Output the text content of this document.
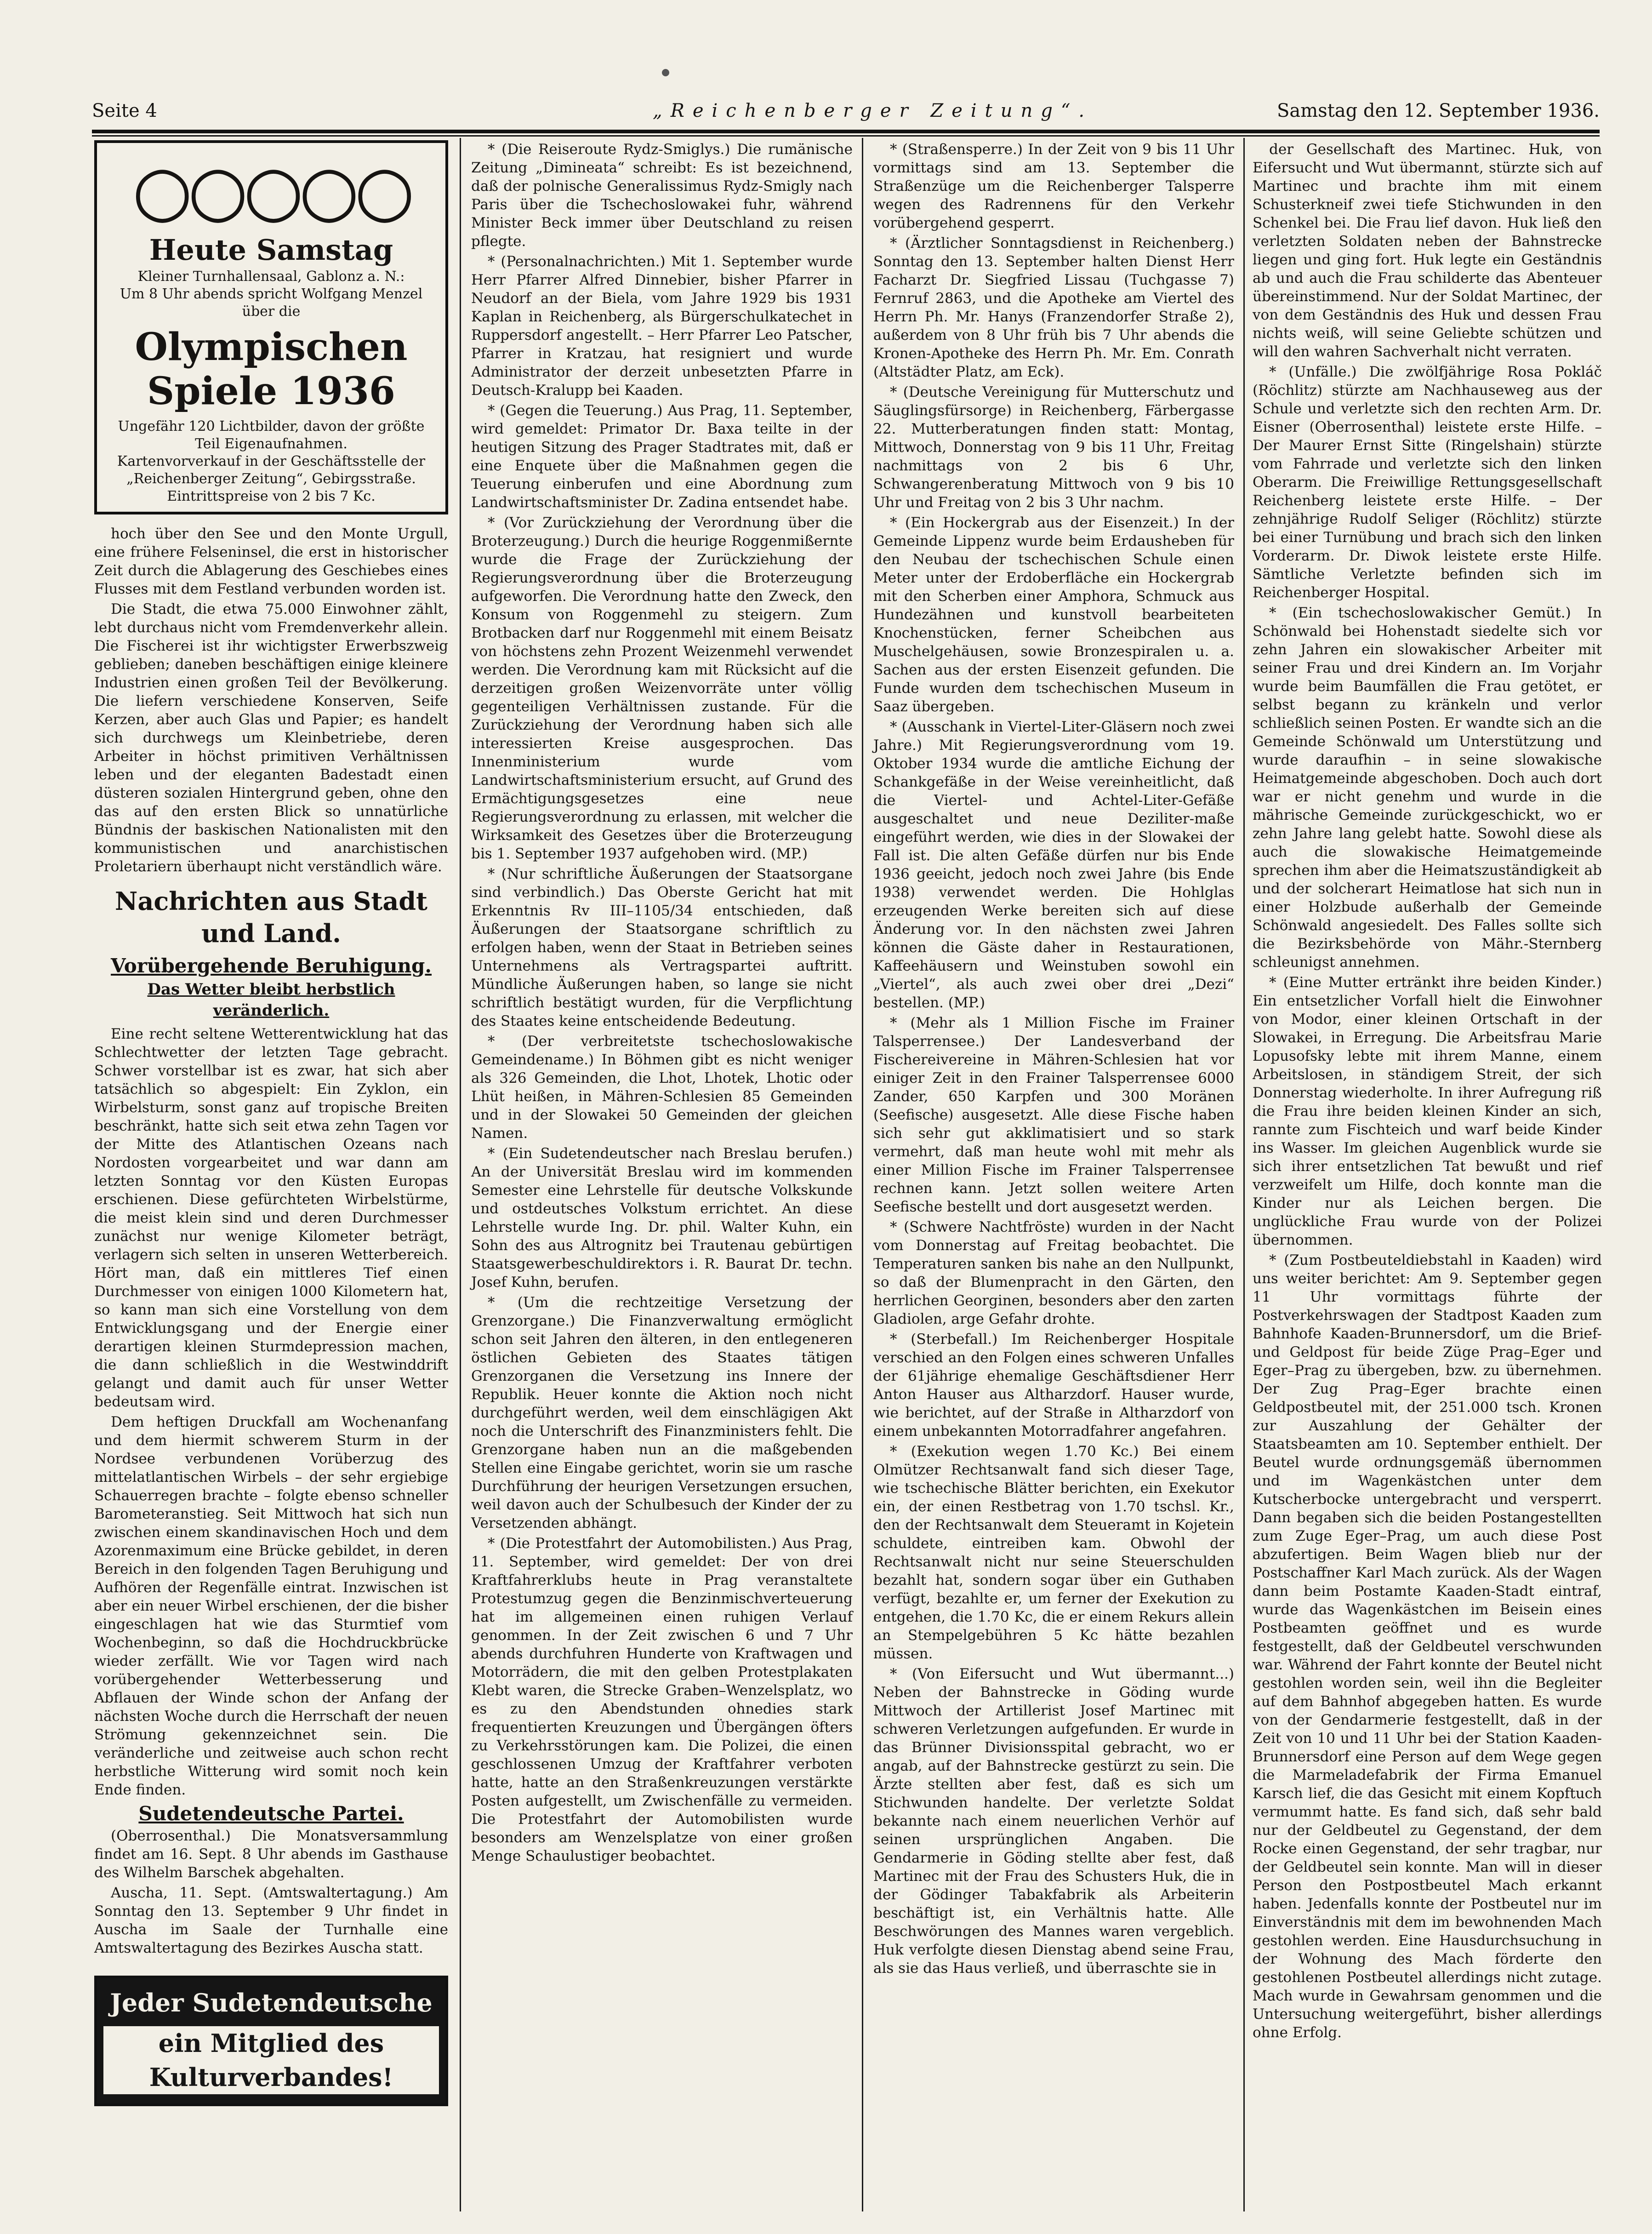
Seite 4	„Reichenberger Zeitung“.	Samstag den 12. September 1936.
○○○○○
Heute Samstag
Kleiner Turnhallensaal, Gablonz a. N.:
Um 8 Uhr abends spricht Wolfgang Menzel über die
Olympischen Spiele 1936
Ungefähr 120 Lichtbilder, davon der größte Teil Eigenaufnahmen.
Kartenvorverkauf in der Geschäftsstelle der „Reichenberger Zeitung“, Gebirgsstraße. Eintrittspreise von 2 bis 7 Kc.

hoch über den See und den Monte Urgull, eine frühere Felseninsel, die erst in historischer Zeit durch die Ablagerung des Geschiebes eines Flusses mit dem Festland verbunden worden ist.

Die Stadt, die etwa 75.000 Einwohner zählt, lebt durchaus nicht vom Fremdenverkehr allein. Die Fischerei ist ihr wichtigster Erwerbszweig geblieben; daneben beschäftigen einige kleinere Industrien einen großen Teil der Bevölkerung. Die liefern verschiedene Konserven, Seife Kerzen, aber auch Glas und Papier; es handelt sich durchwegs um Kleinbetriebe, deren Arbeiter in höchst primitiven Verhältnissen leben und der eleganten Badestadt einen düsteren sozialen Hintergrund geben, ohne den das auf den ersten Blick so unnatürliche Bündnis der baskischen Nationalisten mit den kommunistischen und anarchistischen Proletariern überhaupt nicht verständlich wäre.

Nachrichten aus Stadt und Land.
Vorübergehende Beruhigung.
Das Wetter bleibt herbstlich veränderlich.

Eine recht seltene Wetterentwicklung hat das Schlechtwetter der letzten Tage gebracht. Schwer vorstellbar ist es zwar, hat sich aber tatsächlich so abgespielt: Ein Zyklon, ein Wirbelsturm, sonst ganz auf tropische Breiten beschränkt, hatte sich seit etwa zehn Tagen vor der Mitte des Atlantischen Ozeans nach Nordosten vorgearbeitet und war dann am letzten Sonntag vor den Küsten Europas erschienen. Diese gefürchteten Wirbelstürme, die meist klein sind und deren Durchmesser zunächst nur wenige Kilometer beträgt, verlagern sich selten in unseren Wetterbereich. Hört man, daß ein mittleres Tief einen Durchmesser von einigen 1000 Kilometern hat, so kann man sich eine Vorstellung von dem Entwicklungsgang und der Energie einer derartigen kleinen Sturmdepression machen, die dann schließlich in die Westwinddrift gelangt und damit auch für unser Wetter bedeutsam wird.

Dem heftigen Druckfall am Wochenanfang und dem hiermit schwerem Sturm in der Nordsee verbundenen Vorüberzug des mittelatlantischen Wirbels – der sehr ergiebige Schauerregen brachte – folgte ebenso schneller Barometeranstieg. Seit Mittwoch hat sich nun zwischen einem skandinavischen Hoch und dem Azorenmaximum eine Brücke gebildet, in deren Bereich in den folgenden Tagen Beruhigung und Aufhören der Regenfälle eintrat. Inzwischen ist aber ein neuer Wirbel erschienen, der die bisher eingeschlagen hat wie das Sturmtief vom Wochenbeginn, so daß die Hochdruckbrücke wieder zerfällt. Wie vor Tagen wird nach vorübergehender Wetterbesserung und Abflauen der Winde schon der Anfang der nächsten Woche durch die Herrschaft der neuen Strömung gekennzeichnet sein. Die veränderliche und zeitweise auch schon recht herbstliche Witterung wird somit noch kein Ende finden.

Sudetendeutsche Partei.

(Oberrosenthal.) Die Monatsversammlung findet am 16. Sept. 8 Uhr abends im Gasthause des Wilhelm Barschek abgehalten.

Auscha, 11. Sept. (Amtswaltertagung.) Am Sonntag den 13. September 9 Uhr findet in Auscha im Saale der Turnhalle eine Amtswaltertagung des Bezirkes Auscha statt.

Jeder Sudetendeutsche
ein Mitglied des Kulturverbandes!

* (Die Reiseroute Rydz-Smiglys.) Die rumänische Zeitung „Dimineata“ schreibt: Es ist bezeichnend, daß der polnische Generalissimus Rydz-Smigly nach Paris über die Tschechoslowakei fuhr, während Minister Beck immer über Deutschland zu reisen pflegte.

* (Personalnachrichten.) Mit 1. September wurde Herr Pfarrer Alfred Dinnebier, bisher Pfarrer in Neudorf an der Biela, vom Jahre 1929 bis 1931 Kaplan in Reichenberg, als Bürgerschulkatechet in Ruppersdorf angestellt. – Herr Pfarrer Leo Patscher, Pfarrer in Kratzau, hat resigniert und wurde Administrator der derzeit unbesetzten Pfarre in Deutsch-Kralupp bei Kaaden.

* (Gegen die Teuerung.) Aus Prag, 11. September, wird gemeldet: Primator Dr. Baxa teilte in der heutigen Sitzung des Prager Stadtrates mit, daß er eine Enquete über die Maßnahmen gegen die Teuerung einberufen und eine Abordnung zum Landwirtschaftsminister Dr. Zadina entsendet habe.

* (Vor Zurückziehung der Verordnung über die Broterzeugung.) Durch die heurige Roggenmißernte wurde die Frage der Zurückziehung der Regierungsverordnung über die Broterzeugung aufgeworfen. Die Verordnung hatte den Zweck, den Konsum von Roggenmehl zu steigern. Zum Brotbacken darf nur Roggenmehl mit einem Beisatz von höchstens zehn Prozent Weizenmehl verwendet werden. Die Verordnung kam mit Rücksicht auf die derzeitigen großen Weizenvorräte unter völlig gegenteiligen Verhältnissen zustande. Für die Zurückziehung der Verordnung haben sich alle interessierten Kreise ausgesprochen. Das Innenministerium wurde vom Landwirtschaftsministerium ersucht, auf Grund des Ermächtigungsgesetzes eine neue Regierungsverordnung zu erlassen, mit welcher die Wirksamkeit des Gesetzes über die Broterzeugung bis 1. September 1937 aufgehoben wird. (MP.)

* (Nur schriftliche Äußerungen der Staatsorgane sind verbindlich.) Das Oberste Gericht hat mit Erkenntnis Rv III–1105/34 entschieden, daß Äußerungen der Staatsorgane schriftlich zu erfolgen haben, wenn der Staat in Betrieben seines Unternehmens als Vertragspartei auftritt. Mündliche Äußerungen haben, so lange sie nicht schriftlich bestätigt wurden, für die Verpflichtung des Staates keine entscheidende Bedeutung.

* (Der verbreitetste tschechoslowakische Gemeindename.) In Böhmen gibt es nicht weniger als 326 Gemeinden, die Lhot, Lhotek, Lhotic oder Lhüt heißen, in Mähren-Schlesien 85 Gemeinden und in der Slowakei 50 Gemeinden der gleichen Namen.

* (Ein Sudetendeutscher nach Breslau berufen.) An der Universität Breslau wird im kommenden Semester eine Lehrstelle für deutsche Volkskunde und ostdeutsches Volkstum errichtet. An diese Lehrstelle wurde Ing. Dr. phil. Walter Kuhn, ein Sohn des aus Altrognitz bei Trautenau gebürtigen Staatsgewerbeschuldirektors i. R. Baurat Dr. techn. Josef Kuhn, berufen.

* (Um die rechtzeitige Versetzung der Grenzorgane.) Die Finanzverwaltung ermöglicht schon seit Jahren den älteren, in den entlegeneren östlichen Gebieten des Staates tätigen Grenzorganen die Versetzung ins Innere der Republik. Heuer konnte die Aktion noch nicht durchgeführt werden, weil dem einschlägigen Akt noch die Unterschrift des Finanzministers fehlt. Die Grenzorgane haben nun an die maßgebenden Stellen eine Eingabe gerichtet, worin sie um rasche Durchführung der heurigen Versetzungen ersuchen, weil davon auch der Schulbesuch der Kinder der zu Versetzenden abhängt.

* (Die Protestfahrt der Automobilisten.) Aus Prag, 11. September, wird gemeldet: Der von drei Kraftfahrerklubs heute in Prag veranstaltete Protestumzug gegen die Benzinmischverteuerung hat im allgemeinen einen ruhigen Verlauf genommen. In der Zeit zwischen 6 und 7 Uhr abends durchfuhren Hunderte von Kraftwagen und Motorrädern, die mit den gelben Protestplakaten Klebt waren, die Strecke Graben–Wenzelsplatz, wo es zu den Abendstunden ohnedies stark frequentierten Kreuzungen und Übergängen öfters zu Verkehrsstörungen kam. Die Polizei, die einen geschlossenen Umzug der Kraftfahrer verboten hatte, hatte an den Straßenkreuzungen verstärkte Posten aufgestellt, um Zwischenfälle zu vermeiden. Die Protestfahrt der Automobilisten wurde besonders am Wenzelsplatze von einer großen Menge Schaulustiger beobachtet.

* (Straßensperre.) In der Zeit von 9 bis 11 Uhr vormittags sind am 13. September die Straßenzüge um die Reichenberger Talsperre wegen des Radrennens für den Verkehr vorübergehend gesperrt.

* (Ärztlicher Sonntagsdienst in Reichenberg.) Sonntag den 13. September halten Dienst Herr Facharzt Dr. Siegfried Lissau (Tuchgasse 7) Fernruf 2863, und die Apotheke am Viertel des Herrn Ph. Mr. Hanys (Franzendorfer Straße 2), außerdem von 8 Uhr früh bis 7 Uhr abends die Kronen-Apotheke des Herrn Ph. Mr. Em. Conrath (Altstädter Platz, am Eck).

* (Deutsche Vereinigung für Mutterschutz und Säuglingsfürsorge) in Reichenberg, Färbergasse 22. Mutterberatungen finden statt: Montag, Mittwoch, Donnerstag von 9 bis 11 Uhr, Freitag nachmittags von 2 bis 6 Uhr, Schwangerenberatung Mittwoch von 9 bis 10 Uhr und Freitag von 2 bis 3 Uhr nachm.

* (Ein Hockergrab aus der Eisenzeit.) In der Gemeinde Lippenz wurde beim Erdausheben für den Neubau der tschechischen Schule einen Meter unter der Erdoberfläche ein Hockergrab mit den Scherben einer Amphora, Schmuck aus Hundezähnen und kunstvoll bearbeiteten Knochenstücken, ferner Scheibchen aus Muschelgehäusen, sowie Bronzespiralen u. a. Sachen aus der ersten Eisenzeit gefunden. Die Funde wurden dem tschechischen Museum in Saaz übergeben.

* (Ausschank in Viertel-Liter-Gläsern noch zwei Jahre.) Mit Regierungsverordnung vom 19. Oktober 1934 wurde die amtliche Eichung der Schankgefäße in der Weise vereinheitlicht, daß die Viertel- und Achtel-Liter-Gefäße ausgeschaltet und neue Deziliter-maße eingeführt werden, wie dies in der Slowakei der Fall ist. Die alten Gefäße dürfen nur bis Ende 1936 geeicht, jedoch noch zwei Jahre (bis Ende 1938) verwendet werden. Die Hohlglas erzeugenden Werke bereiten sich auf diese Änderung vor. In den nächsten zwei Jahren können die Gäste daher in Restaurationen, Kaffeehäusern und Weinstuben sowohl ein „Viertel“, als auch zwei ober drei „Dezi“ bestellen. (MP.)

* (Mehr als 1 Million Fische im Frainer Talsperrensee.) Der Landesverband der Fischereivereine in Mähren-Schlesien hat vor einiger Zeit in den Frainer Talsperrensee 6000 Zander, 650 Karpfen und 300 Moränen (Seefische) ausgesetzt. Alle diese Fische haben sich sehr gut akklimatisiert und so stark vermehrt, daß man heute wohl mit mehr als einer Million Fische im Frainer Talsperrensee rechnen kann. Jetzt sollen weitere Arten Seefische bestellt und dort ausgesetzt werden.

* (Schwere Nachtfröste) wurden in der Nacht vom Donnerstag auf Freitag beobachtet. Die Temperaturen sanken bis nahe an den Nullpunkt, so daß der Blumenpracht in den Gärten, den herrlichen Georginen, besonders aber den zarten Gladiolen, arge Gefahr drohte.

* (Sterbefall.) Im Reichenberger Hospitale verschied an den Folgen eines schweren Unfalles der 61jährige ehemalige Geschäftsdiener Herr Anton Hauser aus Altharzdorf. Hauser wurde, wie berichtet, auf der Straße in Altharzdorf von einem unbekannten Motorradfahrer angefahren.

* (Exekution wegen 1.70 Kc.) Bei einem Olmützer Rechtsanwalt fand sich dieser Tage, wie tschechische Blätter berichten, ein Exekutor ein, der einen Restbetrag von 1.70 tschsl. Kr., den der Rechtsanwalt dem Steueramt in Kojetein schuldete, eintreiben kam. Obwohl der Rechtsanwalt nicht nur seine Steuerschulden bezahlt hat, sondern sogar über ein Guthaben verfügt, bezahlte er, um ferner der Exekution zu entgehen, die 1.70 Kc, die er einem Rekurs allein an Stempelgebühren 5 Kc hätte bezahlen müssen.

* (Von Eifersucht und Wut übermannt...) Neben der Bahnstrecke in Göding wurde Mittwoch der Artillerist Josef Martinec mit schweren Verletzungen aufgefunden. Er wurde in das Brünner Divisionsspital gebracht, wo er angab, auf der Bahnstrecke gestürzt zu sein. Die Ärzte stellten aber fest, daß es sich um Stichwunden handelte. Der verletzte Soldat bekannte nach einem neuerlichen Verhör auf seinen ursprünglichen Angaben. Die Gendarmerie in Göding stellte aber fest, daß Martinec mit der Frau des Schusters Huk, die in der Gödinger Tabakfabrik als Arbeiterin beschäftigt ist, ein Verhältnis hatte. Alle Beschwörungen des Mannes waren vergeblich. Huk verfolgte diesen Dienstag abend seine Frau, als sie das Haus verließ, und überraschte sie in

der Gesellschaft des Martinec. Huk, von Eifersucht und Wut übermannt, stürzte sich auf Martinec und brachte ihm mit einem Schusterkneif zwei tiefe Stichwunden in den Schenkel bei. Die Frau lief davon. Huk ließ den verletzten Soldaten neben der Bahnstrecke liegen und ging fort. Huk legte ein Geständnis ab und auch die Frau schilderte das Abenteuer übereinstimmend. Nur der Soldat Martinec, der von dem Geständnis des Huk und dessen Frau nichts weiß, will seine Geliebte schützen und will den wahren Sachverhalt nicht verraten.

* (Unfälle.) Die zwölfjährige Rosa Pokláč (Röchlitz) stürzte am Nachhauseweg aus der Schule und verletzte sich den rechten Arm. Dr. Eisner (Oberrosenthal) leistete erste Hilfe. – Der Maurer Ernst Sitte (Ringelshain) stürzte vom Fahrrade und verletzte sich den linken Oberarm. Die Freiwillige Rettungsgesellschaft Reichenberg leistete erste Hilfe. – Der zehnjährige Rudolf Seliger (Röchlitz) stürzte bei einer Turnübung und brach sich den linken Vorderarm. Dr. Diwok leistete erste Hilfe. Sämtliche Verletzte befinden sich im Reichenberger Hospital.

* (Ein tschechoslowakischer Gemüt.) In Schönwald bei Hohenstadt siedelte sich vor zehn Jahren ein slowakischer Arbeiter mit seiner Frau und drei Kindern an. Im Vorjahr wurde beim Baumfällen die Frau getötet, er selbst begann zu kränkeln und verlor schließlich seinen Posten. Er wandte sich an die Gemeinde Schönwald um Unterstützung und wurde daraufhin – in seine slowakische Heimatgemeinde abgeschoben. Doch auch dort war er nicht genehm und wurde in die mährische Gemeinde zurückgeschickt, wo er zehn Jahre lang gelebt hatte. Sowohl diese als auch die slowakische Heimatgemeinde sprechen ihm aber die Heimatszuständigkeit ab und der solcherart Heimatlose hat sich nun in einer Holzbude außerhalb der Gemeinde Schönwald angesiedelt. Des Falles sollte sich die Bezirksbehörde von Mähr.-Sternberg schleunigst annehmen.

* (Eine Mutter ertränkt ihre beiden Kinder.) Ein entsetzlicher Vorfall hielt die Einwohner von Modor, einer kleinen Ortschaft in der Slowakei, in Erregung. Die Arbeitsfrau Marie Lopusofsky lebte mit ihrem Manne, einem Arbeitslosen, in ständigem Streit, der sich Donnerstag wiederholte. In ihrer Aufregung riß die Frau ihre beiden kleinen Kinder an sich, rannte zum Fischteich und warf beide Kinder ins Wasser. Im gleichen Augenblick wurde sie sich ihrer entsetzlichen Tat bewußt und rief verzweifelt um Hilfe, doch konnte man die Kinder nur als Leichen bergen. Die unglückliche Frau wurde von der Polizei übernommen.

* (Zum Postbeuteldiebstahl in Kaaden) wird uns weiter berichtet: Am 9. September gegen 11 Uhr vormittags führte der Postverkehrswagen der Stadtpost Kaaden zum Bahnhofe Kaaden-Brunnersdorf, um die Brief- und Geldpost für beide Züge Prag–Eger und Eger–Prag zu übergeben, bzw. zu übernehmen. Der Zug Prag–Eger brachte einen Geldpostbeutel mit, der 251.000 tsch. Kronen zur Auszahlung der Gehälter der Staatsbeamten am 10. September enthielt. Der Beutel wurde ordnungsgemäß übernommen und im Wagenkästchen unter dem Kutscherbocke untergebracht und versperrt. Dann begaben sich die beiden Postangestellten zum Zuge Eger–Prag, um auch diese Post abzufertigen. Beim Wagen blieb nur der Postschaffner Karl Mach zurück. Als der Wagen dann beim Postamte Kaaden-Stadt eintraf, wurde das Wagenkästchen im Beisein eines Postbeamten geöffnet und es wurde festgestellt, daß der Geldbeutel verschwunden war. Während der Fahrt konnte der Beutel nicht gestohlen worden sein, weil ihn die Begleiter auf dem Bahnhof abgegeben hatten. Es wurde von der Gendarmerie festgestellt, daß in der Zeit von 10 und 11 Uhr bei der Station Kaaden-Brunnersdorf eine Person auf dem Wege gegen die Marmeladefabrik der Firma Emanuel Karsch lief, die das Gesicht mit einem Kopftuch vermummt hatte. Es fand sich, daß sehr bald nur der Geldbeutel zu Gegenstand, der dem Rocke einen Gegenstand, der sehr tragbar, nur der Geldbeutel sein konnte. Man will in dieser Person den Postpostbeutel Mach erkannt haben. Jedenfalls konnte der Postbeutel nur im Einverständnis mit dem im bewohnenden Mach gestohlen werden. Eine Hausdurchsuchung in der Wohnung des Mach förderte den gestohlenen Postbeutel allerdings nicht zutage. Mach wurde in Gewahrsam genommen und die Untersuchung weitergeführt, bisher allerdings ohne Erfolg.
